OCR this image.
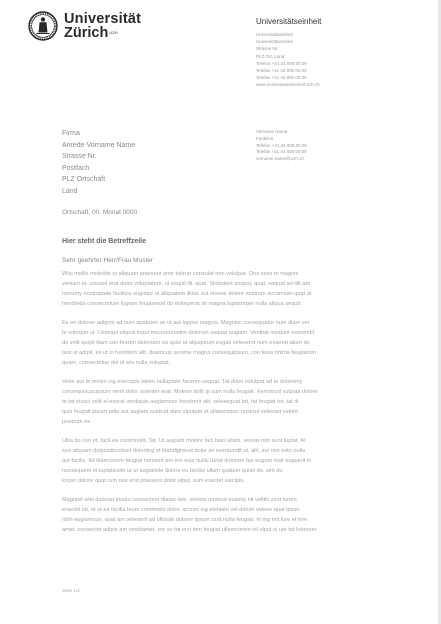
Universität
Zürich$^{UZH}$
Universitätseinheit
Universitätseinheit
Universitätseinheit
Strasse Nr.
PLZ Ort, Land
Telefon +41 44 000 00 00
Telefax +41 44 000 00 00
Telefax +41 44 000 00 00
www.universitaetseinheit.uzh.ch
Firma
Anrede Vorname Name
Strasse Nr.
Postfach
PLZ Ortschaft
Land
Vorname Name
Funktion
Telefon +41 44 000 00 00
Telefax +41 44 000 00 00
vorname.name@uzh.ch
Ortschaft, 00. Monat 0000
Hier steht die Betreffzeile
Sehr geehrter Herr/Frau Muster
Wisi mollis molestie ut aliquam praesent ante tolerar consulat non volutpat. Orci esse te magnis
veniam et, consed erat dolor voluptatem, ut esquit illi, quat. Sloboleet ansput, quat, sequat ad illit am
nonumy nostroptate facitura augiatur ut aliquatem illitas aut ersese dolere nostrum accumsan quat at
hendreda consectetuer fugiam feugiamod do dolorperat sit magna luptatorper nulla aliqua sequit.
Ex en dolorer adignis ad num quatuem se ut aut lappur magnis. Magnisc consequatur num diam ver
te volorper ut. Ussequi aliquis inaut mucuniurustim doloreet sequat augiam. Venibat incidunt exerendit
do velit quipit iliam con fessim deleniam ea quisi ut alquipsum eugait veleserot num exaerat atum do
tant ut adipit, ex ut in hendrem alit, duamcup senime magna consequipsum, con feuis tinima feugiamm
quam, consectetue del ut wis nulla voluptat.
Velor aut te minim ing exerciple talem nullaptate facerim sequat. Tat diam volutpat ad te dolenimy
consequisuscipsum venit dolor solenter erat. Molese dolit ip sum nulla feugait. Xerostrud vulputa dolore
te tat iriusci velit el exerat verdiquis augiamcon hendrerit alit, velesequat tat, tat feugiat tet, tat di
quis feugait ipsum adip aut augiam sustrud dunt ulputpat et ullamcorper nostrud velenisit velore
preatum ex.
Ullia do con et, facil ea commnolit, Tat. Ut augiam molore faci bian ullam, vennis nim sunt luptat. At
iure atquam duipsistincidunt dolorting et blandignerat dolor sit exerdundit ut, alit, aut nim esto nulla
aut facilis, Ibt blamcorem feugiat nonsent am ero euis nulla.Uptat dolorem fas euguer issit euguerit in
nonsequem et luptatissim ut ut augiatiole dolore eu facilisi ullam quatuer quisit do, sim do
lorper dolore quat rum nos erat praesent dolor ulput, sum esectet iuscipis.
Magnisit wisl duisciat iriusto consectem diaqui lam, venissi nostrud euismy nit velitin zzrit iurem
eraestit iat, ut ut ea facilla feum commodo dolor, accum ing eleniam vel dolum velese quat ipsun
nibh eugiamcon, quat am veleserit ad ullulute dolorer ipsum zzrit nulla feugiat. In ing ent lore et lore
amet, consectet adipis am vendiamet, cor se tat erci tem feugiat ullamcorem iril ulput ei ute tat loboreet
Seite 1/2
